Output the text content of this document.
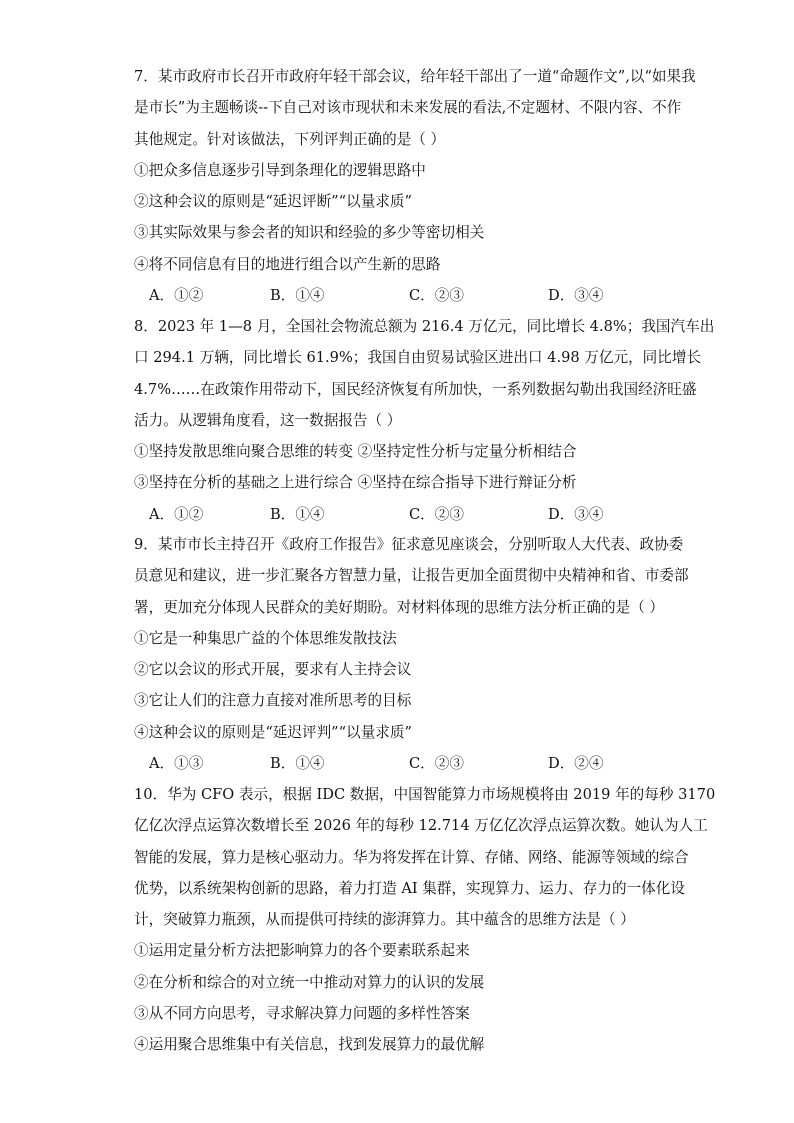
7．某市政府市长召开市政府年轻干部会议，给年轻干部出了一道“命题作文”,以“如果我
是市长”为主题畅谈--下自己对该市现状和未来发展的看法,不定题材、不限内容、不作
其他规定。针对该做法，下列评判正确的是（ ）
①把众多信息逐步引导到条理化的逻辑思路中
②这种会议的原则是“延迟评断”“以量求质”
③其实际效果与参会者的知识和经验的多少等密切相关
④将不同信息有目的地进行组合以产生新的思路
A．①②	B．①④	C．②③	D．③④
8．2023 年 1—8 月，全国社会物流总额为 216.4 万亿元，同比增长 4.8%；我国汽车出
口 294.1 万辆，同比增长 61.9%；我国自由贸易试验区进出口 4.98 万亿元，同比增长
4.7%……在政策作用带动下，国民经济恢复有所加快，一系列数据勾勒出我国经济旺盛
活力。从逻辑角度看，这一数据报告（ ）
①坚持发散思维向聚合思维的转变 ②坚持定性分析与定量分析相结合
③坚持在分析的基础之上进行综合 ④坚持在综合指导下进行辩证分析
A．①②	B．①④	C．②③	D．③④
9．某市市长主持召开《政府工作报告》征求意见座谈会，分别听取人大代表、政协委
员意见和建议，进一步汇聚各方智慧力量，让报告更加全面贯彻中央精神和省、市委部
署，更加充分体现人民群众的美好期盼。对材料体现的思维方法分析正确的是（ ）
①它是一种集思广益的个体思维发散技法
②它以会议的形式开展，要求有人主持会议
③它让人们的注意力直接对准所思考的目标
④这种会议的原则是“延迟评判”“以量求质”
A．①③	B．①④	C．②③	D．②④
10．华为 CFO 表示，根据 IDC 数据，中国智能算力市场规模将由 2019 年的每秒 3170
亿亿次浮点运算次数增长至 2026 年的每秒 12.714 万亿亿次浮点运算次数。她认为人工
智能的发展，算力是核心驱动力。华为将发挥在计算、存储、网络、能源等领域的综合
优势，以系统架构创新的思路，着力打造 AI 集群，实现算力、运力、存力的一体化设
计，突破算力瓶颈，从而提供可持续的澎湃算力。其中蕴含的思维方法是（ ）
①运用定量分析方法把影响算力的各个要素联系起来
②在分析和综合的对立统一中推动对算力的认识的发展
③从不同方向思考，寻求解决算力问题的多样性答案
④运用聚合思维集中有关信息，找到发展算力的最优解
